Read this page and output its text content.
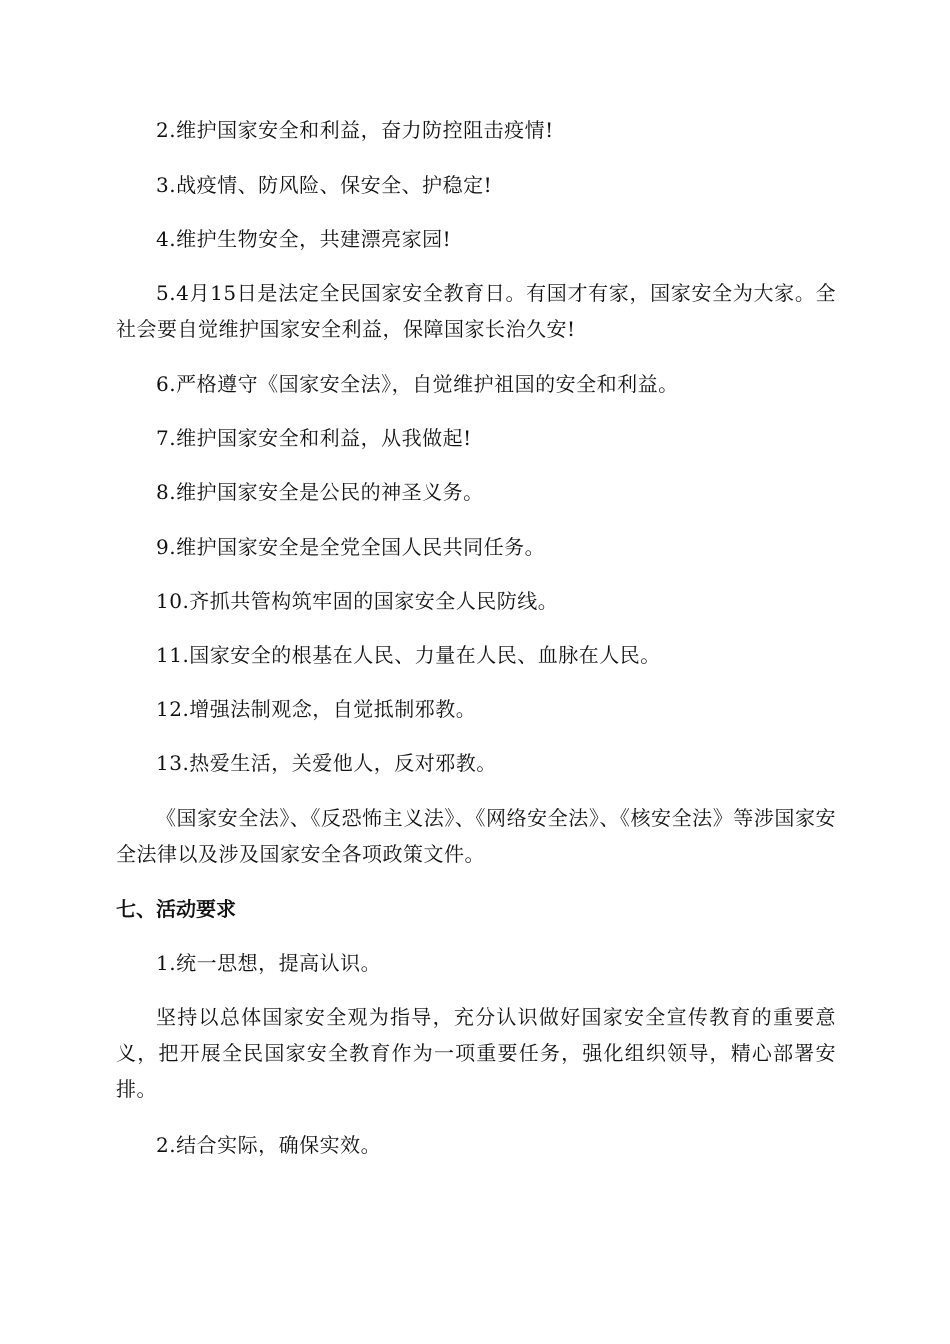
2.维护国家安全和利益，奋力防控阻击疫情!

3.战疫情、防风险、保安全、护稳定!

4.维护生物安全，共建漂亮家园!

5.4月15日是法定全民国家安全教育日。有国才有家，国家安全为大家。全社会要自觉维护国家安全利益，保障国家长治久安!

6.严格遵守《国家安全法》，自觉维护祖国的安全和利益。

7.维护国家安全和利益，从我做起!

8.维护国家安全是公民的神圣义务。

9.维护国家安全是全党全国人民共同任务。

10.齐抓共管构筑牢固的国家安全人民防线。

11.国家安全的根基在人民、力量在人民、血脉在人民。

12.增强法制观念，自觉抵制邪教。

13.热爱生活，关爱他人，反对邪教。

《国家安全法》、《反恐怖主义法》、《网络安全法》、《核安全法》等涉国家安全法律以及涉及国家安全各项政策文件。

七、活动要求

1.统一思想，提高认识。

坚持以总体国家安全观为指导，充分认识做好国家安全宣传教育的重要意义，把开展全民国家安全教育作为一项重要任务，强化组织领导，精心部署安排。

2.结合实际，确保实效。
